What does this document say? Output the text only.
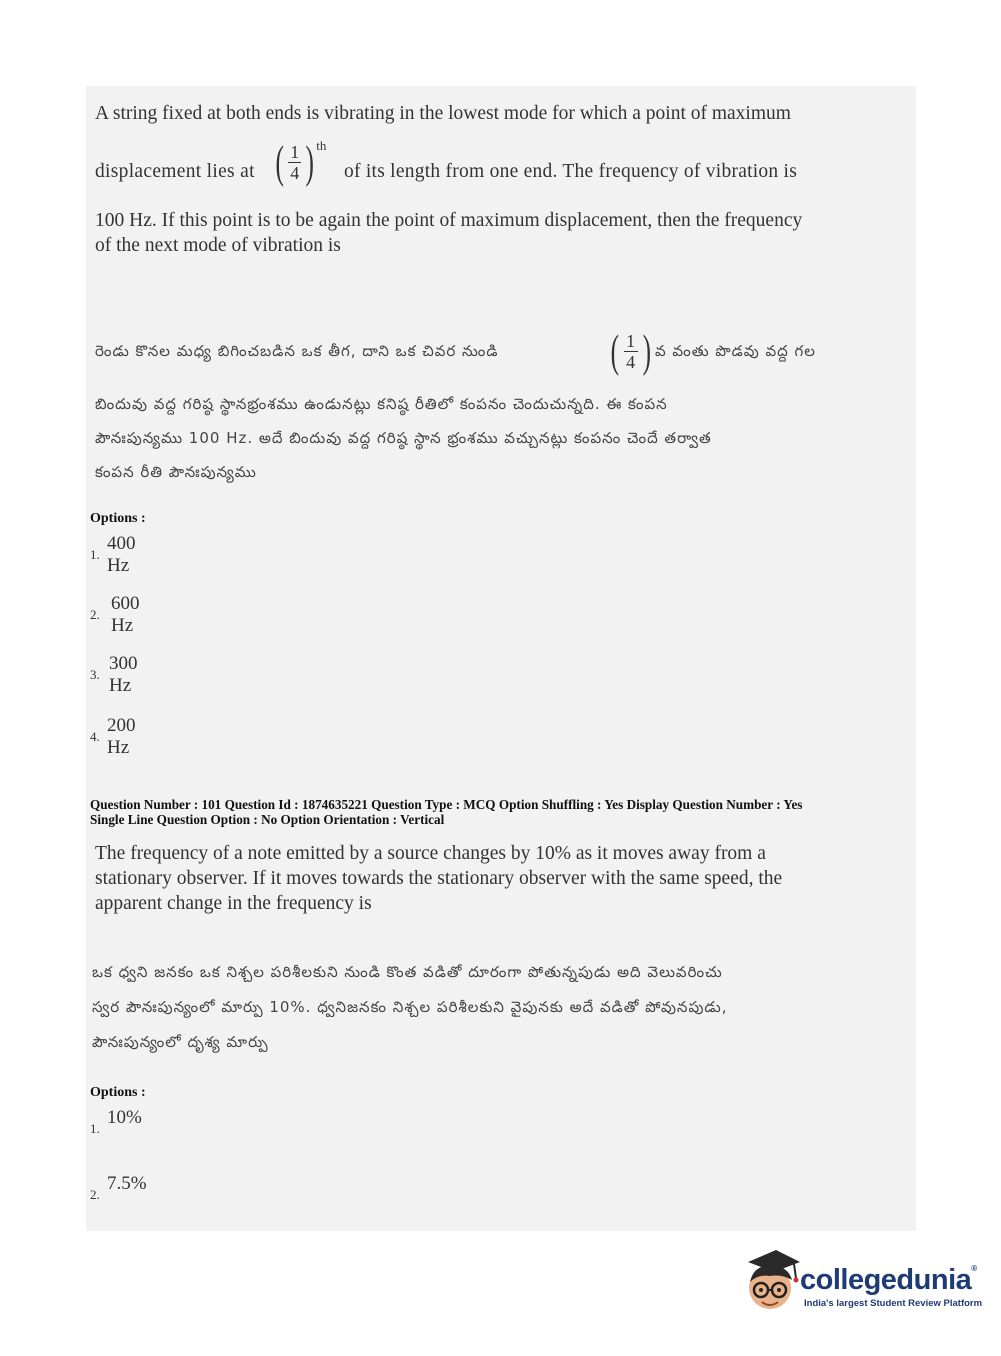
A string fixed at both ends is vibrating in the lowest mode for which a point of maximum
displacement lies at ( $\frac{1}{4}$ ) $^{th}$
of its length from one end. The frequency of vibration is
100 Hz. If this point is to be again the point of maximum displacement, then the frequency
of the next mode of vibration is
రెండు కొనల మధ్య బిగించబడిన ఒక తీగ, దాని ఒక చివర నుండి ( $\frac{1}{4}$ ) వ వంతు పొడవు వద్ద గల
బిందువు వద్ద గరిష్ఠ స్థానభ్రంశము ఉండునట్లు కనిష్ఠ రీతిలో కంపనం చెందుచున్నది. ఈ కంపన
పౌనఃపున్యము 100 Hz. అదే బిందువు వద్ద గరిష్ఠ స్థాన భ్రంశము వచ్చునట్లు కంపనం చెందే తర్వాత
కంపన రీతి పౌనఃపున్యము
Options :
1.
400 Hz
2.
600 Hz
3.
300 Hz
4.
200 Hz
Question Number : 101 Question Id : 1874635221 Question Type : MCQ Option Shuffling : Yes Display Question Number : Yes
Single Line Question Option : No Option Orientation : Vertical
The frequency of a note emitted by a source changes by 10% as it moves away from a
stationary observer. If it moves towards the stationary observer with the same speed, the
apparent change in the frequency is
ఒక ధ్వని జనకం ఒక నిశ్చల పరిశీలకుని నుండి కొంత వడితో దూరంగా పోతున్నపుడు అది వెలువరించు
స్వర పౌనఃపున్యంలో మార్పు 10%. ధ్వనిజనకం నిశ్చల పరిశీలకుని వైపునకు అదే వడితో పోవునపుడు,
పౌనఃపున్యంలో దృశ్య మార్పు
Options :
1.
10%
2.
7.5%
collegedunia®
India's largest Student Review Platform
